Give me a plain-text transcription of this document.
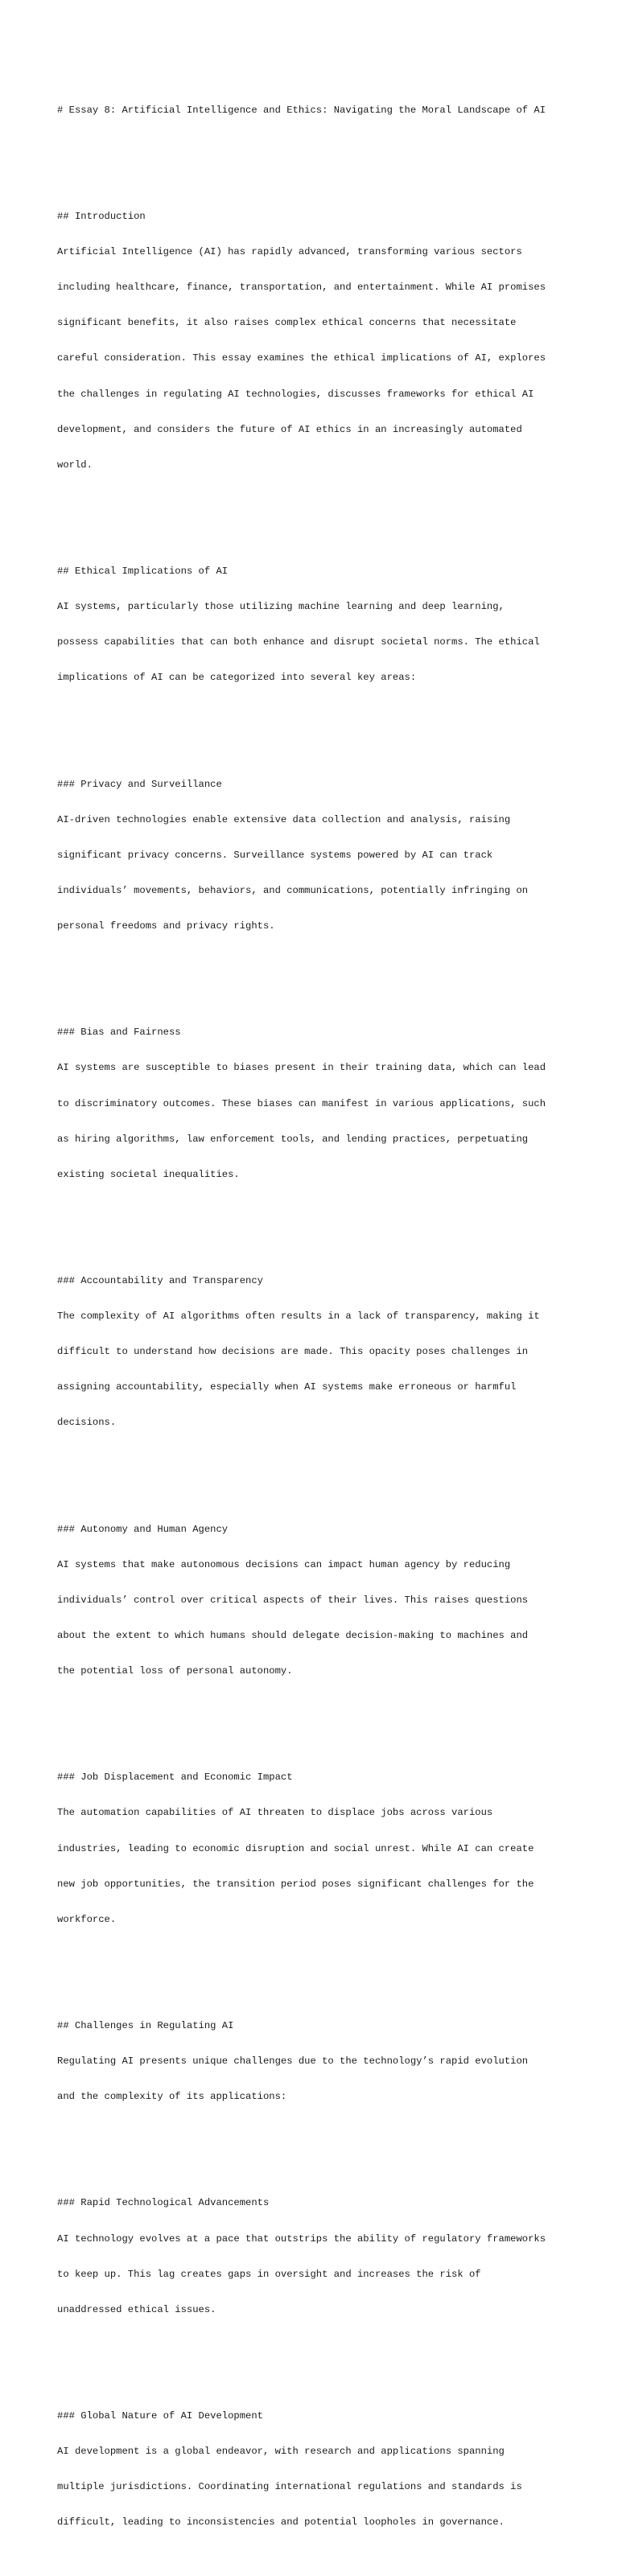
# Essay 8: Artificial Intelligence and Ethics: Navigating the Moral Landscape of AI

## Introduction

Artificial Intelligence (AI) has rapidly advanced, transforming various sectors

including healthcare, finance, transportation, and entertainment. While AI promises

significant benefits, it also raises complex ethical concerns that necessitate

careful consideration. This essay examines the ethical implications of AI, explores

the challenges in regulating AI technologies, discusses frameworks for ethical AI

development, and considers the future of AI ethics in an increasingly automated

world.

## Ethical Implications of AI

AI systems, particularly those utilizing machine learning and deep learning,

possess capabilities that can both enhance and disrupt societal norms. The ethical

implications of AI can be categorized into several key areas:

### Privacy and Surveillance

AI-driven technologies enable extensive data collection and analysis, raising

significant privacy concerns. Surveillance systems powered by AI can track

individuals’ movements, behaviors, and communications, potentially infringing on

personal freedoms and privacy rights.

### Bias and Fairness

AI systems are susceptible to biases present in their training data, which can lead

to discriminatory outcomes. These biases can manifest in various applications, such

as hiring algorithms, law enforcement tools, and lending practices, perpetuating

existing societal inequalities.

### Accountability and Transparency

The complexity of AI algorithms often results in a lack of transparency, making it

difficult to understand how decisions are made. This opacity poses challenges in

assigning accountability, especially when AI systems make erroneous or harmful

decisions.

### Autonomy and Human Agency

AI systems that make autonomous decisions can impact human agency by reducing

individuals’ control over critical aspects of their lives. This raises questions

about the extent to which humans should delegate decision-making to machines and

the potential loss of personal autonomy.

### Job Displacement and Economic Impact

The automation capabilities of AI threaten to displace jobs across various

industries, leading to economic disruption and social unrest. While AI can create

new job opportunities, the transition period poses significant challenges for the

workforce.

## Challenges in Regulating AI

Regulating AI presents unique challenges due to the technology’s rapid evolution

and the complexity of its applications:

### Rapid Technological Advancements

AI technology evolves at a pace that outstrips the ability of regulatory frameworks

to keep up. This lag creates gaps in oversight and increases the risk of

unaddressed ethical issues.

### Global Nature of AI Development

AI development is a global endeavor, with research and applications spanning

multiple jurisdictions. Coordinating international regulations and standards is

difficult, leading to inconsistencies and potential loopholes in governance.
